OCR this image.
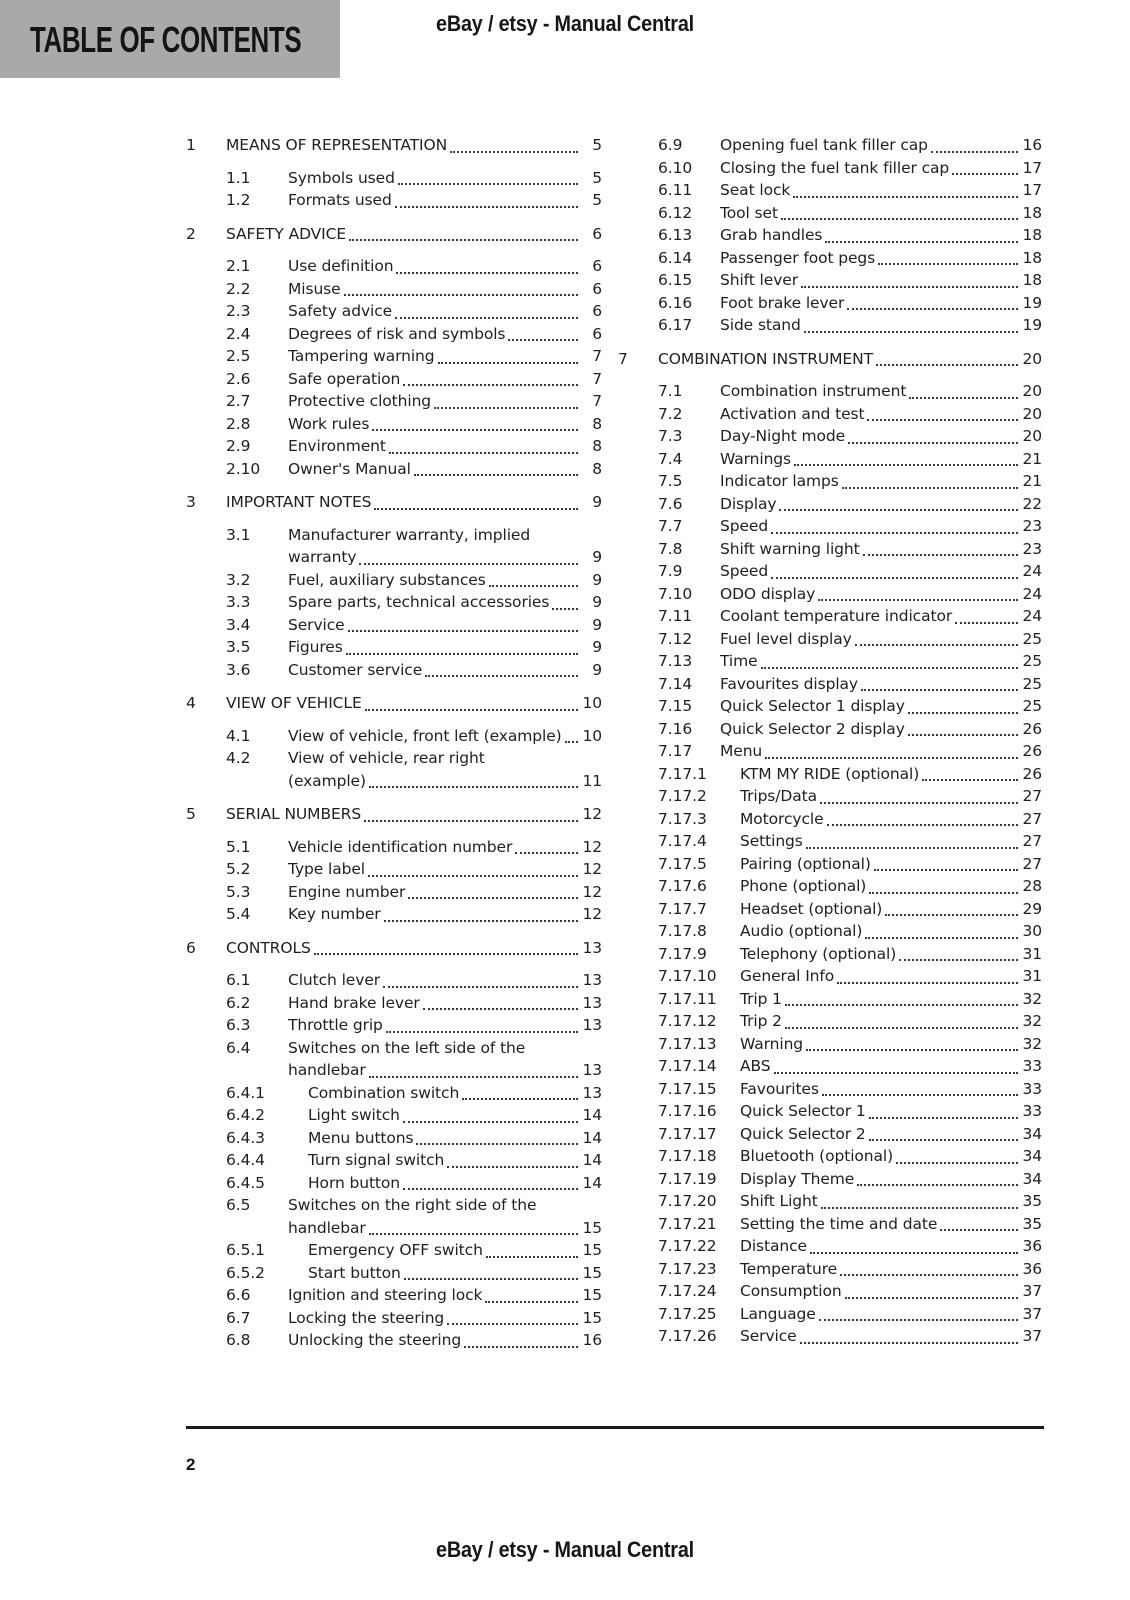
TABLE OF CONTENTS	eBay / etsy - Manual Central
1	MEANS OF REPRESENTATION	5
1.1	Symbols used	5
1.2	Formats used	5
2	SAFETY ADVICE	6
2.1	Use definition	6
2.2	Misuse	6
2.3	Safety advice	6
2.4	Degrees of risk and symbols	6
2.5	Tampering warning	7
2.6	Safe operation	7
2.7	Protective clothing	7
2.8	Work rules	8
2.9	Environment	8
2.10	Owner's Manual	8
3	IMPORTANT NOTES	9
3.1	Manufacturer warranty, implied
warranty	9
3.2	Fuel, auxiliary substances	9
3.3	Spare parts, technical accessories	9
3.4	Service	9
3.5	Figures	9
3.6	Customer service	9
4	VIEW OF VEHICLE	10
4.1	View of vehicle, front left (example) 10
4.2	View of vehicle, rear right
(example)	11
5	SERIAL NUMBERS	12
5.1	Vehicle identification number	12
5.2	Type label	12
5.3	Engine number	12
5.4	Key number	12
6	CONTROLS	13
6.1	Clutch lever	13
6.2	Hand brake lever	13
6.3	Throttle grip	13
6.4	Switches on the left side of the
handlebar	13
6.4.1	Combination switch	13
6.4.2	Light switch	14
6.4.3	Menu buttons	14
6.4.4	Turn signal switch	14
6.4.5	Horn button	14
6.5	Switches on the right side of the
handlebar	15
6.5.1	Emergency OFF switch	15
6.5.2	Start button	15
6.6	Ignition and steering lock	15
6.7	Locking the steering	15
6.8	Unlocking the steering	16
6.9	Opening fuel tank filler cap	16
6.10	Closing the fuel tank filler cap	17
6.11	Seat lock	17
6.12	Tool set	18
6.13	Grab handles	18
6.14	Passenger foot pegs	18
6.15	Shift lever	18
6.16	Foot brake lever	19
6.17	Side stand	19
7	COMBINATION INSTRUMENT	20
7.1	Combination instrument	20
7.2	Activation and test	20
7.3	Day-Night mode	20
7.4	Warnings	21
7.5	Indicator lamps	21
7.6	Display	22
7.7	Speed	23
7.8	Shift warning light	23
7.9	Speed	24
7.10	ODO display	24
7.11	Coolant temperature indicator	24
7.12	Fuel level display	25
7.13	Time	25
7.14	Favourites display	25
7.15	Quick Selector 1 display	25
7.16	Quick Selector 2 display	26
7.17	Menu	26
7.17.1	KTM MY RIDE (optional)	26
7.17.2	Trips/Data	27
7.17.3	Motorcycle	27
7.17.4	Settings	27
7.17.5	Pairing (optional)	27
7.17.6	Phone (optional)	28
7.17.7	Headset (optional)	29
7.17.8	Audio (optional)	30
7.17.9	Telephony (optional)	31
7.17.10	General Info	31
7.17.11	Trip 1	32
7.17.12	Trip 2	32
7.17.13	Warning	32
7.17.14	ABS	33
7.17.15	Favourites	33
7.17.16	Quick Selector 1	33
7.17.17	Quick Selector 2	34
7.17.18	Bluetooth (optional)	34
7.17.19	Display Theme	34
7.17.20	Shift Light	35
7.17.21	Setting the time and date	35
7.17.22	Distance	36
7.17.23	Temperature	36
7.17.24	Consumption	37
7.17.25	Language	37
7.17.26	Service	37
2
eBay / etsy - Manual Central
